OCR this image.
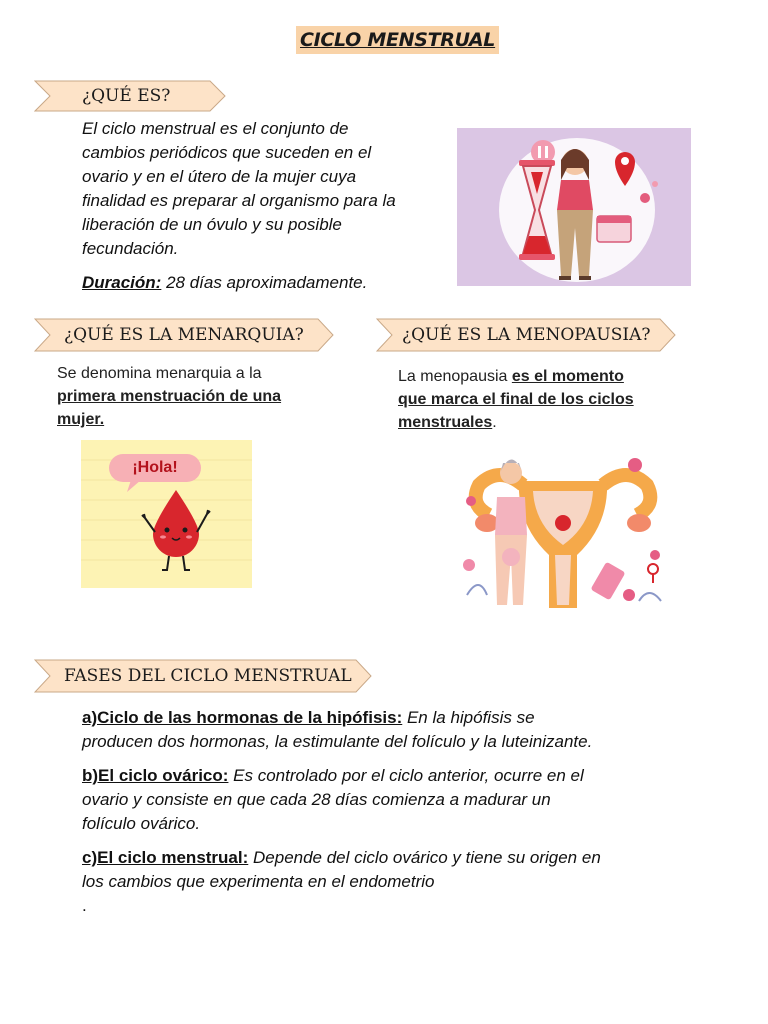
CICLO MENSTRUAL
¿QUÉ ES?
El ciclo menstrual es el conjunto de
cambios periódicos que suceden en el
ovario y en el útero de la mujer cuya
finalidad es preparar al organismo para la
liberación de un óvulo y su posible
fecundación.
Duración: 28 días aproximadamente.
¿QUÉ ES LA MENARQUIA?
Se denomina menarquia a la
primera menstruación de una
mujer.
¡Hola!
¿QUÉ ES LA MENOPAUSIA?
La menopausia es el momento
que marca el final de los ciclos
menstruales.
FASES DEL CICLO MENSTRUAL
a)Ciclo de las hormonas de la hipófisis: En la hipófisis se
producen dos hormonas, la estimulante del folículo y la luteinizante.
b)El ciclo ovárico: Es controlado por el ciclo anterior, ocurre en el
ovario y consiste en que cada 28 días comienza a madurar un
folículo ovárico.
c)El ciclo menstrual: Depende del ciclo ovárico y tiene su origen en
los cambios que experimenta en el endometrio
.
